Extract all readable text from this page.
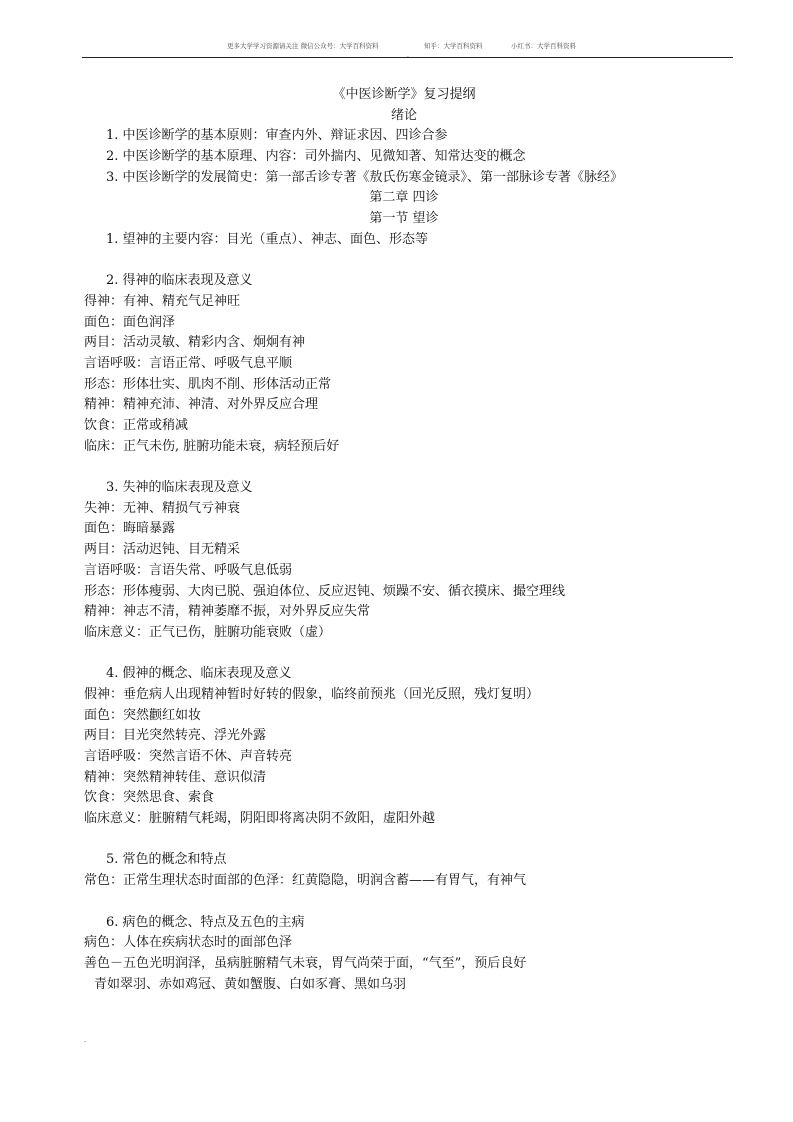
更多大学学习资源请关注 微信公众号：大学百科资料	知乎：大学百科资料	小红书：大学百科资料
.
《中医诊断学》复习提纲
绪论
1. 中医诊断学的基本原则：审查内外、辩证求因、四诊合参
2. 中医诊断学的基本原理、内容：司外揣内、见微知著、知常达变的概念
3. 中医诊断学的发展简史：第一部舌诊专著《敖氏伤寒金镜录》、第一部脉诊专著《脉经》
第二章 四诊
第一节 望诊
1. 望神的主要内容：目光（重点）、神志、面色、形态等
2. 得神的临床表现及意义
得神：有神、精充气足神旺
面色：面色润泽
两目：活动灵敏、精彩内含、炯炯有神
言语呼吸：言语正常、呼吸气息平顺
形态：形体壮实、肌肉不削、形体活动正常
精神：精神充沛、神清、对外界反应合理
饮食：正常或稍减
临床：正气未伤, 脏腑功能未衰，病轻预后好
3. 失神的临床表现及意义
失神：无神、精损气亏神衰
面色：晦暗暴露
两目：活动迟钝、目无精采
言语呼吸：言语失常、呼吸气息低弱
形态：形体瘦弱、大肉已脱、强迫体位、反应迟钝、烦躁不安、循衣摸床、撮空理线
精神：神志不清，精神萎靡不振，对外界反应失常
临床意义：正气已伤，脏腑功能衰败（虚）
4. 假神的概念、临床表现及意义
假神：垂危病人出现精神暂时好转的假象，临终前预兆（回光反照，残灯复明）
面色：突然颧红如妆
两目：目光突然转亮、浮光外露
言语呼吸：突然言语不休、声音转亮
精神：突然精神转佳、意识似清
饮食：突然思食、索食
临床意义：脏腑精气耗竭，阴阳即将离决阴不敛阳，虚阳外越
5. 常色的概念和特点
常色：正常生理状态时面部的色泽：红黄隐隐，明润含蓄——有胃气，有神气
6. 病色的概念、特点及五色的主病
病色：人体在疾病状态时的面部色泽
善色－五色光明润泽，虽病脏腑精气未衰，胃气尚荣于面，“气至”，预后良好
青如翠羽、赤如鸡冠、黄如蟹腹、白如豕膏、黑如乌羽
.
